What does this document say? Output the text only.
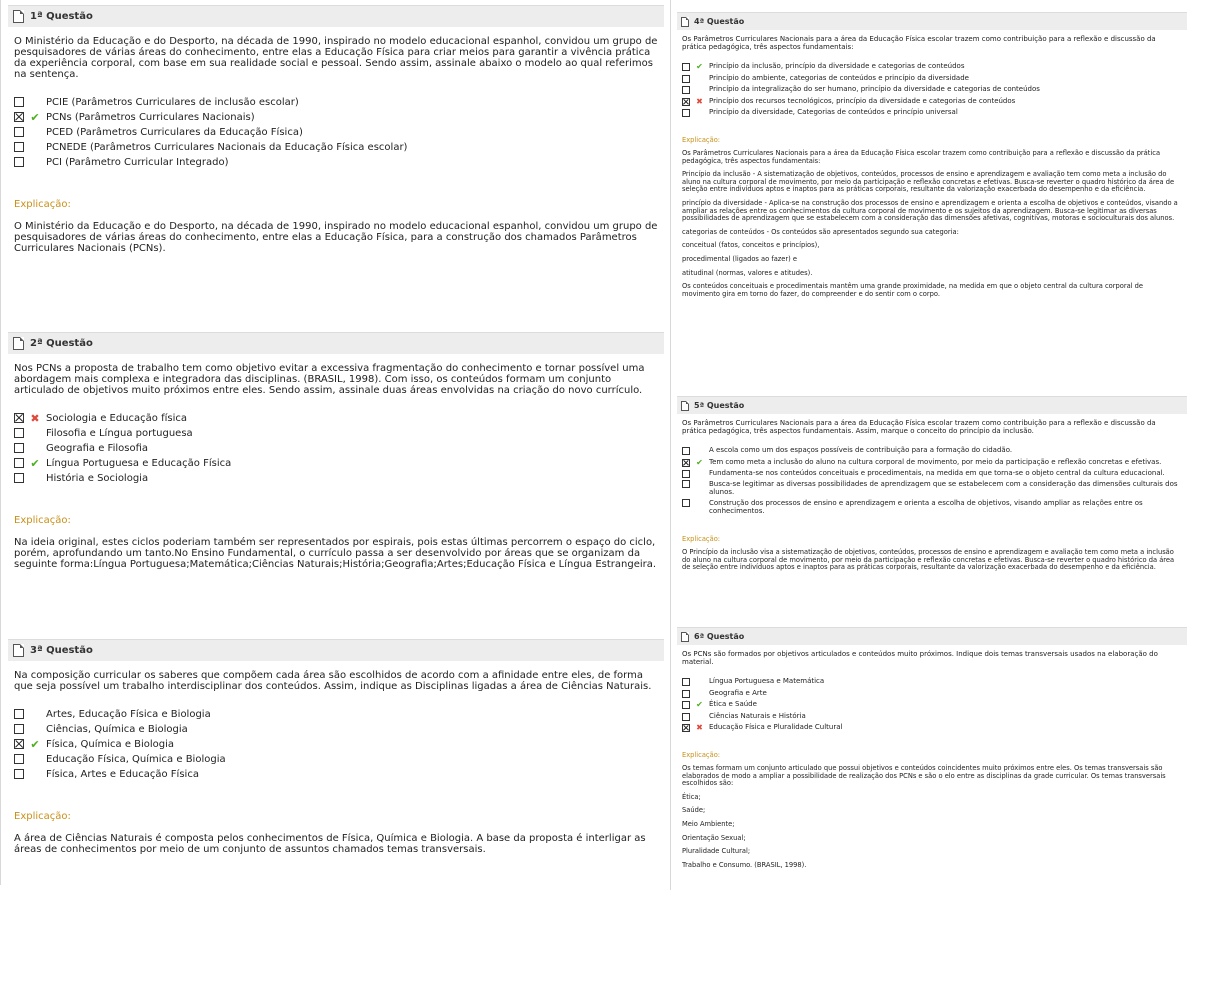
1ª Questão

O Ministério da Educação e do Desporto, na década de 1990, inspirado no modelo educacional espanhol, convidou um grupo de pesquisadores de várias áreas do conhecimento, entre elas a Educação Física para criar meios para garantir a vivência prática da experiência corporal, com base em sua realidade social e pessoal. Sendo assim, assinale abaixo o modelo ao qual referimos na sentença.

PCIE (Parâmetros Curriculares de inclusão escolar)
✔ PCNs (Parâmetros Curriculares Nacionais)
PCED (Parâmetros Curriculares da Educação Física)
PCNEDE (Parâmetros Curriculares Nacionais da Educação Física escolar)
PCI (Parâmetro Curricular Integrado)

Explicação:

O Ministério da Educação e do Desporto, na década de 1990, inspirado no modelo educacional espanhol, convidou um grupo de pesquisadores de várias áreas do conhecimento, entre elas a Educação Física, para a construção dos chamados Parâmetros Curriculares Nacionais (PCNs).

2ª Questão

Nos PCNs a proposta de trabalho tem como objetivo evitar a excessiva fragmentação do conhecimento e tornar possível uma abordagem mais complexa e integradora das disciplinas. (BRASIL, 1998). Com isso, os conteúdos formam um conjunto articulado de objetivos muito próximos entre eles. Sendo assim, assinale duas áreas envolvidas na criação do novo currículo.

✖ Sociologia e Educação física
Filosofia e Língua portuguesa
Geografia e Filosofia
✔ Língua Portuguesa e Educação Física
História e Sociologia

Explicação:

Na ideia original, estes ciclos poderiam também ser representados por espirais, pois estas últimas percorrem o espaço do ciclo, porém, aprofundando um tanto.No Ensino Fundamental, o currículo passa a ser desenvolvido por áreas que se organizam da seguinte forma:Língua Portuguesa;Matemática;Ciências Naturais;História;Geografia;Artes;Educação Física e Língua Estrangeira.

3ª Questão

Na composição curricular os saberes que compõem cada área são escolhidos de acordo com a afinidade entre eles, de forma que seja possível um trabalho interdisciplinar dos conteúdos. Assim, indique as Disciplinas ligadas a área de Ciências Naturais.

Artes, Educação Física e Biologia
Ciências, Química e Biologia
✔ Física, Química e Biologia
Educação Física, Química e Biologia
Física, Artes e Educação Física

Explicação:

A área de Ciências Naturais é composta pelos conhecimentos de Física, Química e Biologia. A base da proposta é interligar as áreas de conhecimentos por meio de um conjunto de assuntos chamados temas transversais.

4ª Questão

Os Parâmetros Curriculares Nacionais para a área da Educação Física escolar trazem como contribuição para a reflexão e discussão da prática pedagógica, três aspectos fundamentais:

✔ Princípio da inclusão, princípio da diversidade e categorias de conteúdos
Princípio do ambiente, categorias de conteúdos e princípio da diversidade
Princípio da integralização do ser humano, princípio da diversidade e categorias de conteúdos
✖ Princípio dos recursos tecnológicos, princípio da diversidade e categorias de conteúdos
Princípio da diversidade, Categorias de conteúdos e princípio universal

Explicação:

Os Parâmetros Curriculares Nacionais para a área da Educação Física escolar trazem como contribuição para a reflexão e discussão da prática pedagógica, três aspectos fundamentais:

Princípio da inclusão - A sistematização de objetivos, conteúdos, processos de ensino e aprendizagem e avaliação tem como meta a inclusão do aluno na cultura corporal de movimento, por meio da participação e reflexão concretas e efetivas. Busca-se reverter o quadro histórico da área de seleção entre indivíduos aptos e inaptos para as práticas corporais, resultante da valorização exacerbada do desempenho e da eficiência.

princípio da diversidade - Aplica-se na construção dos processos de ensino e aprendizagem e orienta a escolha de objetivos e conteúdos, visando a ampliar as relações entre os conhecimentos da cultura corporal de movimento e os sujeitos da aprendizagem. Busca-se legitimar as diversas possibilidades de aprendizagem que se estabelecem com a consideração das dimensões afetivas, cognitivas, motoras e socioculturais dos alunos.

categorias de conteúdos - Os conteúdos são apresentados segundo sua categoria:

conceitual (fatos, conceitos e princípios),

procedimental (ligados ao fazer) e

atitudinal (normas, valores e atitudes).

Os conteúdos conceituais e procedimentais mantêm uma grande proximidade, na medida em que o objeto central da cultura corporal de movimento gira em torno do fazer, do compreender e do sentir com o corpo.

5ª Questão

Os Parâmetros Curriculares Nacionais para a área da Educação Física escolar trazem como contribuição para a reflexão e discussão da prática pedagógica, três aspectos fundamentais. Assim, marque o conceito do princípio da inclusão.

A escola como um dos espaços possíveis de contribuição para a formação do cidadão.
✔ Tem como meta a inclusão do aluno na cultura corporal de movimento, por meio da participação e reflexão concretas e efetivas.
Fundamenta-se nos conteúdos conceituais e procedimentais, na medida em que torna-se o objeto central da cultura educacional.
Busca-se legitimar as diversas possibilidades de aprendizagem que se estabelecem com a consideração das dimensões culturais dos alunos.
Construção dos processos de ensino e aprendizagem e orienta a escolha de objetivos, visando ampliar as relações entre os conhecimentos.

Explicação:

O Princípio da inclusão visa a sistematização de objetivos, conteúdos, processos de ensino e aprendizagem e avaliação tem como meta a inclusão do aluno na cultura corporal de movimento, por meio da participação e reflexão concretas e efetivas. Busca-se reverter o quadro histórico da área de seleção entre indivíduos aptos e inaptos para as práticas corporais, resultante da valorização exacerbada do desempenho e da eficiência.

6ª Questão

Os PCNs são formados por objetivos articulados e conteúdos muito próximos. Indique dois temas transversais usados na elaboração do material.

Língua Portuguesa e Matemática
Geografia e Arte
✔ Ética e Saúde
Ciências Naturais e História
✖ Educação Física e Pluralidade Cultural

Explicação:

Os temas formam um conjunto articulado que possui objetivos e conteúdos coincidentes muito próximos entre eles. Os temas transversais são elaborados de modo a ampliar a possibilidade de realização dos PCNs e são o elo entre as disciplinas da grade curricular. Os temas transversais escolhidos são:

Ética;

Saúde;

Meio Ambiente;

Orientação Sexual;

Pluralidade Cultural;

Trabalho e Consumo. (BRASIL, 1998).
